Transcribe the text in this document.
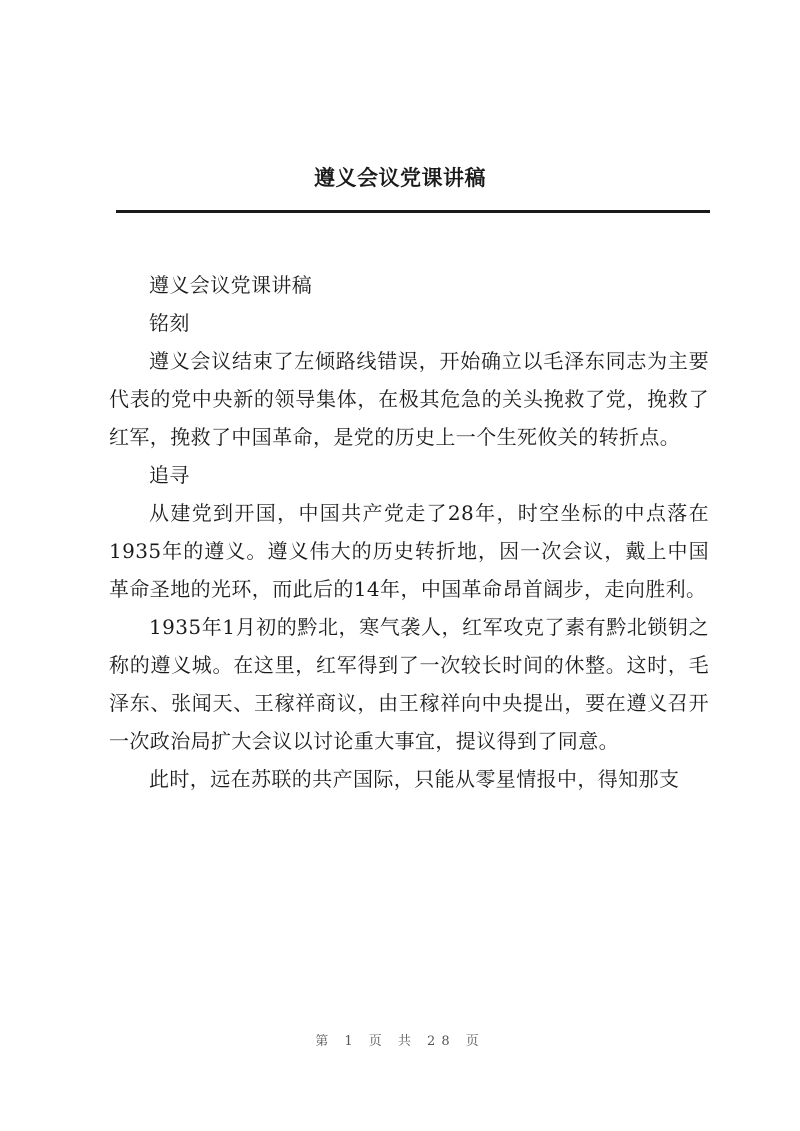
遵义会议党课讲稿

遵义会议党课讲稿

铭刻

遵义会议结束了左倾路线错误，开始确立以毛泽东同志为主要代表的党中央新的领导集体，在极其危急的关头挽救了党，挽救了红军，挽救了中国革命，是党的历史上一个生死攸关的转折点。

追寻

从建党到开国，中国共产党走了28年，时空坐标的中点落在1935年的遵义。遵义伟大的历史转折地，因一次会议，戴上中国革命圣地的光环，而此后的14年，中国革命昂首阔步，走向胜利。

1935年1月初的黔北，寒气袭人，红军攻克了素有黔北锁钥之称的遵义城。在这里，红军得到了一次较长时间的休整。这时，毛泽东、张闻天、王稼祥商议，由王稼祥向中央提出，要在遵义召开一次政治局扩大会议以讨论重大事宜，提议得到了同意。

此时，远在苏联的共产国际，只能从零星情报中，得知那支

第 1 页 共 28 页
